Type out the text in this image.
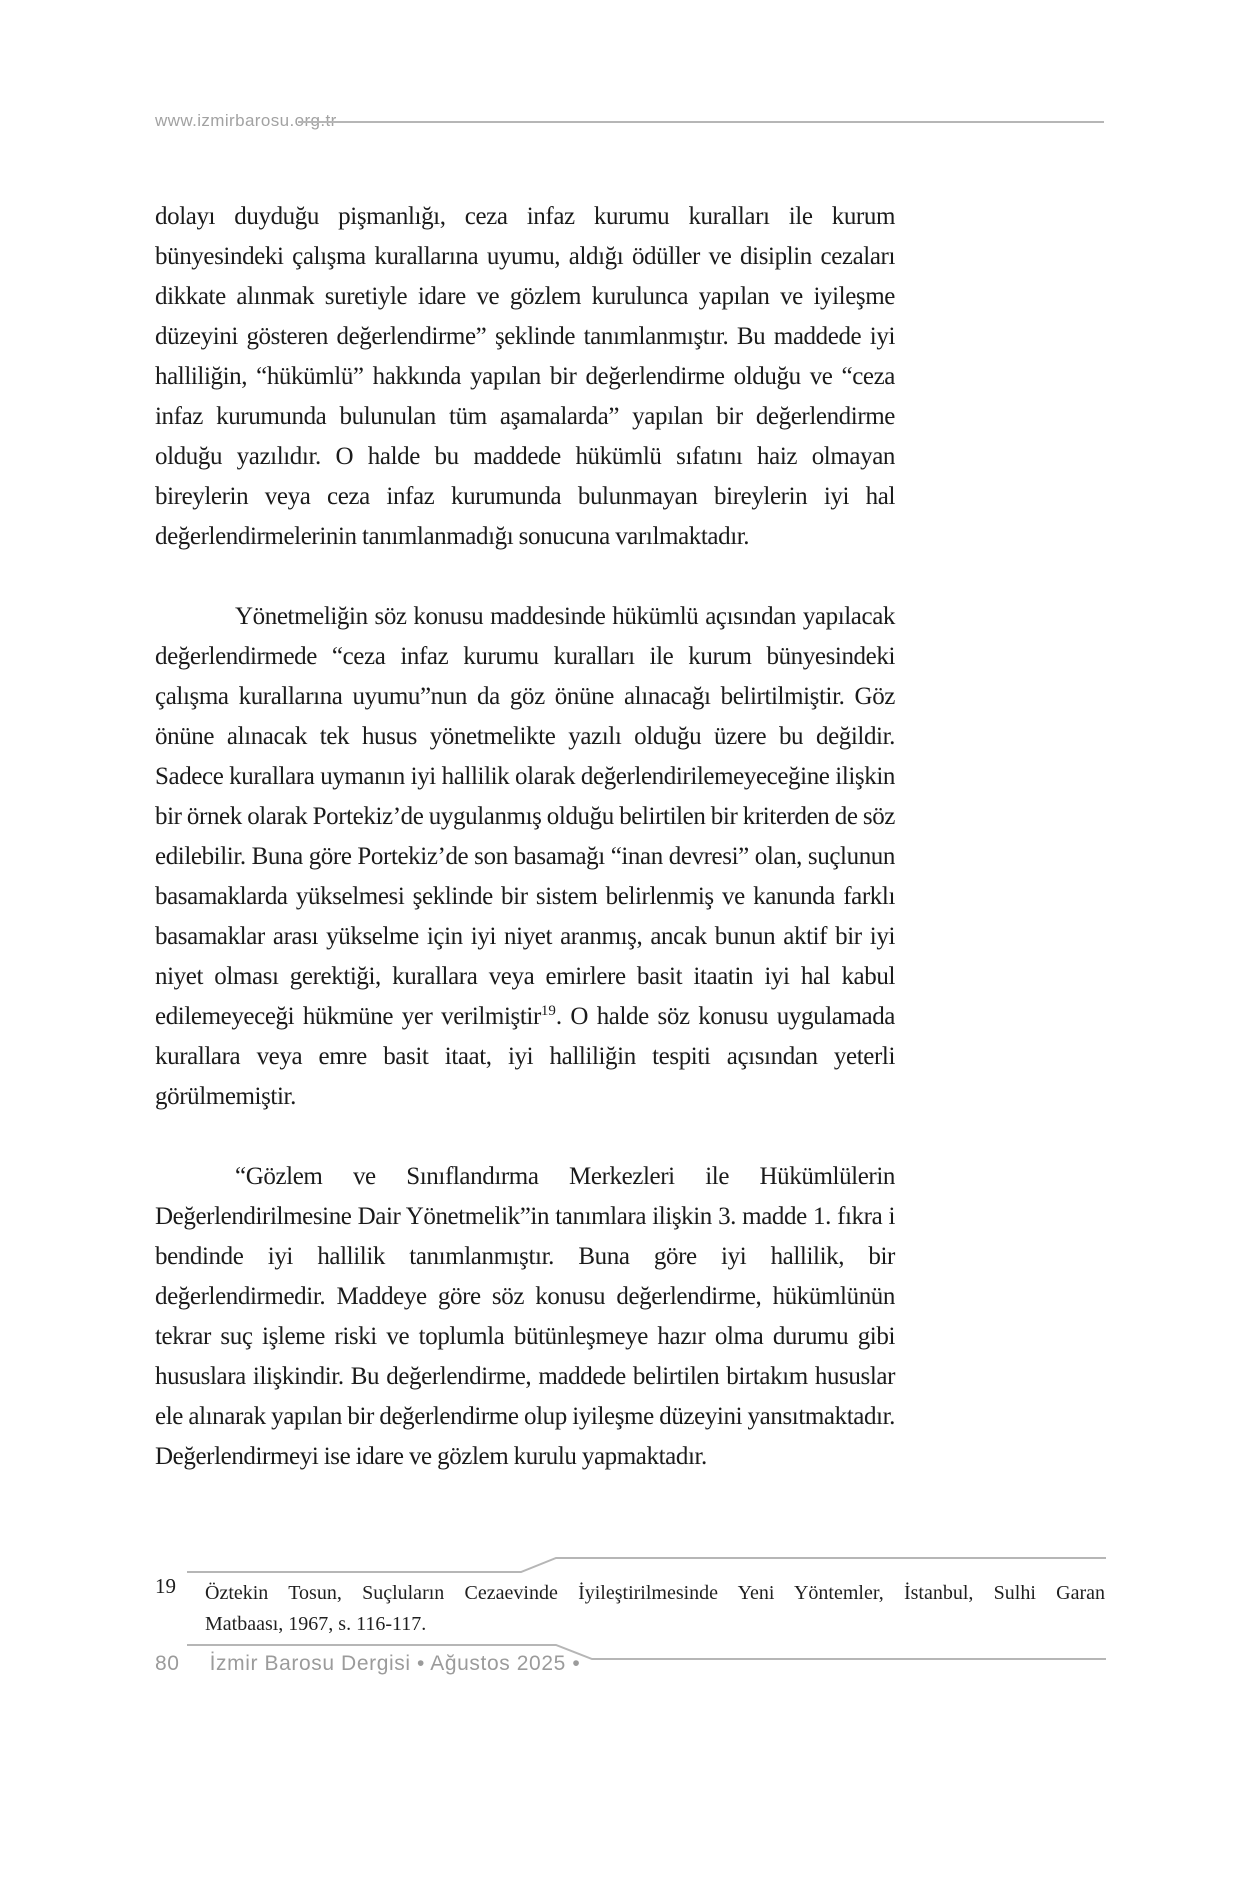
www.izmirbarosu.org.tr

dolayı duyduğu pişmanlığı, ceza infaz kurumu kuralları ile kurum bünyesindeki çalışma kurallarına uyumu, aldığı ödüller ve disiplin cezaları dikkate alınmak suretiyle idare ve gözlem kurulunca yapılan ve iyileşme düzeyini gösteren değerlendirme” şeklinde tanımlanmıştır. Bu maddede iyi halliliğin, “hükümlü” hakkında yapılan bir değerlendirme olduğu ve “ceza infaz kurumunda bulunulan tüm aşamalarda” yapılan bir değerlendirme olduğu yazılıdır. O halde bu maddede hükümlü sıfatını haiz olmayan bireylerin veya ceza infaz kurumunda bulunmayan bireylerin iyi hal değerlendirmelerinin tanımlanmadığı sonucuna varılmaktadır.

Yönetmeliğin söz konusu maddesinde hükümlü açısından yapılacak değerlendirmede “ceza infaz kurumu kuralları ile kurum bünyesindeki çalışma kurallarına uyumu”nun da göz önüne alınacağı belirtilmiştir. Göz önüne alınacak tek husus yönetmelikte yazılı olduğu üzere bu değildir. Sadece kurallara uymanın iyi hallilik olarak değerlendirilemeyeceğine ilişkin bir örnek olarak Portekiz’de uygulanmış olduğu belirtilen bir kriterden de söz edilebilir. Buna göre Portekiz’de son basamağı “inan devresi” olan, suçlunun basamaklarda yükselmesi şeklinde bir sistem belirlenmiş ve kanunda farklı basamaklar arası yükselme için iyi niyet aranmış, ancak bunun aktif bir iyi niyet olması gerektiği, kurallara veya emirlere basit itaatin iyi hal kabul edilemeyeceği hükmüne yer verilmiştir$^{19}$. O halde söz konusu uygulamada kurallara veya emre basit itaat, iyi halliliğin tespiti açısından yeterli görülmemiştir.

“Gözlem ve Sınıflandırma Merkezleri ile Hükümlülerin Değerlendirilmesine Dair Yönetmelik”in tanımlara ilişkin 3. madde 1. fıkra i bendinde iyi hallilik tanımlanmıştır. Buna göre iyi hallilik, bir değerlendirmedir. Maddeye göre söz konusu değerlendirme, hükümlünün tekrar suç işleme riski ve toplumla bütünleşmeye hazır olma durumu gibi hususlara ilişkindir. Bu değerlendirme, maddede belirtilen birtakım hususlar ele alınarak yapılan bir değerlendirme olup iyileşme düzeyini yansıtmaktadır. Değerlendirmeyi ise idare ve gözlem kurulu yapmaktadır.

19 Öztekin Tosun, Suçluların Cezaevinde İyileştirilmesinde Yeni Yöntemler, İstanbul, Sulhi Garan
Matbaası, 1967, s. 116-117.
80 İzmir Barosu Dergisi • Ağustos 2025 •
